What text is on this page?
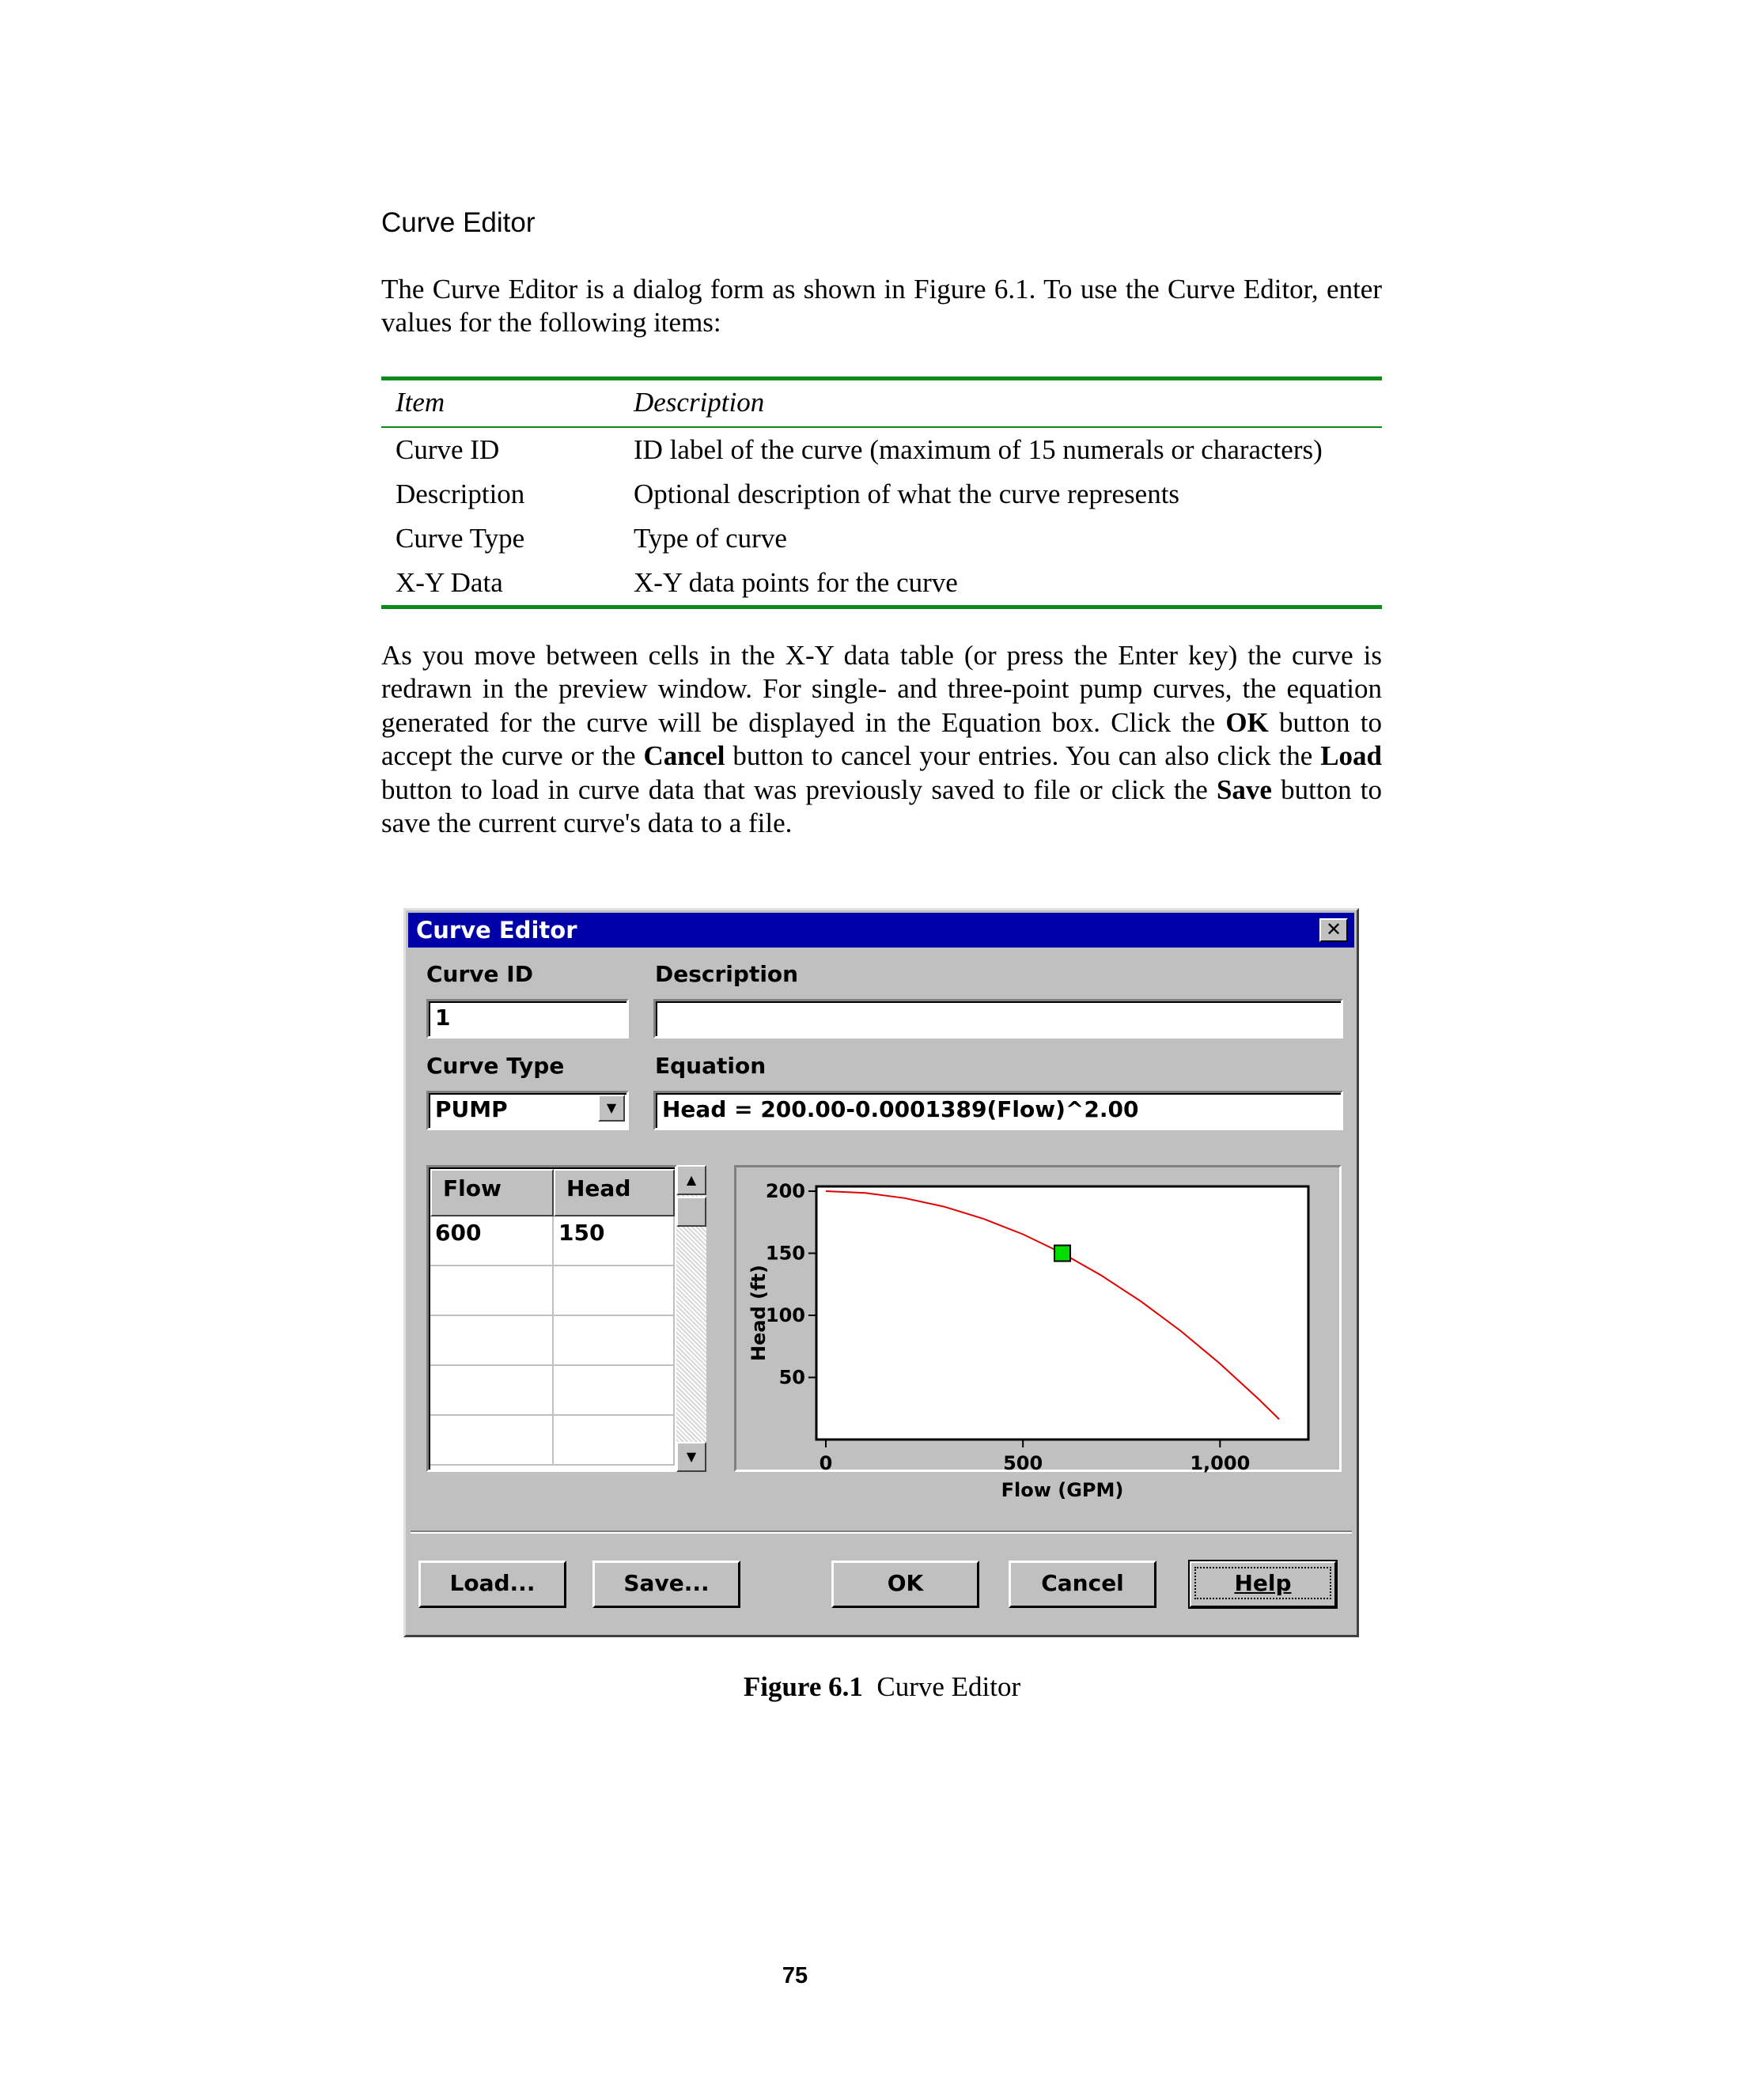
Curve Editor

The Curve Editor is a dialog form as shown in Figure 6.1. To use the Curve Editor, enter values for the following items:

Item	Description
Curve ID	ID label of the curve (maximum of 15 numerals or characters)
Description	Optional description of what the curve represents
Curve Type	Type of curve
X-Y Data	X-Y data points for the curve

As you move between cells in the X-Y data table (or press the Enter key) the curve is redrawn in the preview window. For single- and three-point pump curves, the equation generated for the curve will be displayed in the Equation box. Click the OK button to accept the curve or the Cancel button to cancel your entries. You can also click the Load button to load in curve data that was previously saved to file or click the Save button to save the current curve's data to a file.

Curve Editor	✕
Curve ID
1
Description
Curve Type
PUMP	▼
Equation
Head = 200.00-0.0001389(Flow)^2.00
Flow	Head
600	150
▲
▼
50
100
150
200
0	500	1,000
Flow (GPM)
Head (ft)
Load...	Save...	OK	Cancel	Help
Figure 6.1 Curve Editor
75
